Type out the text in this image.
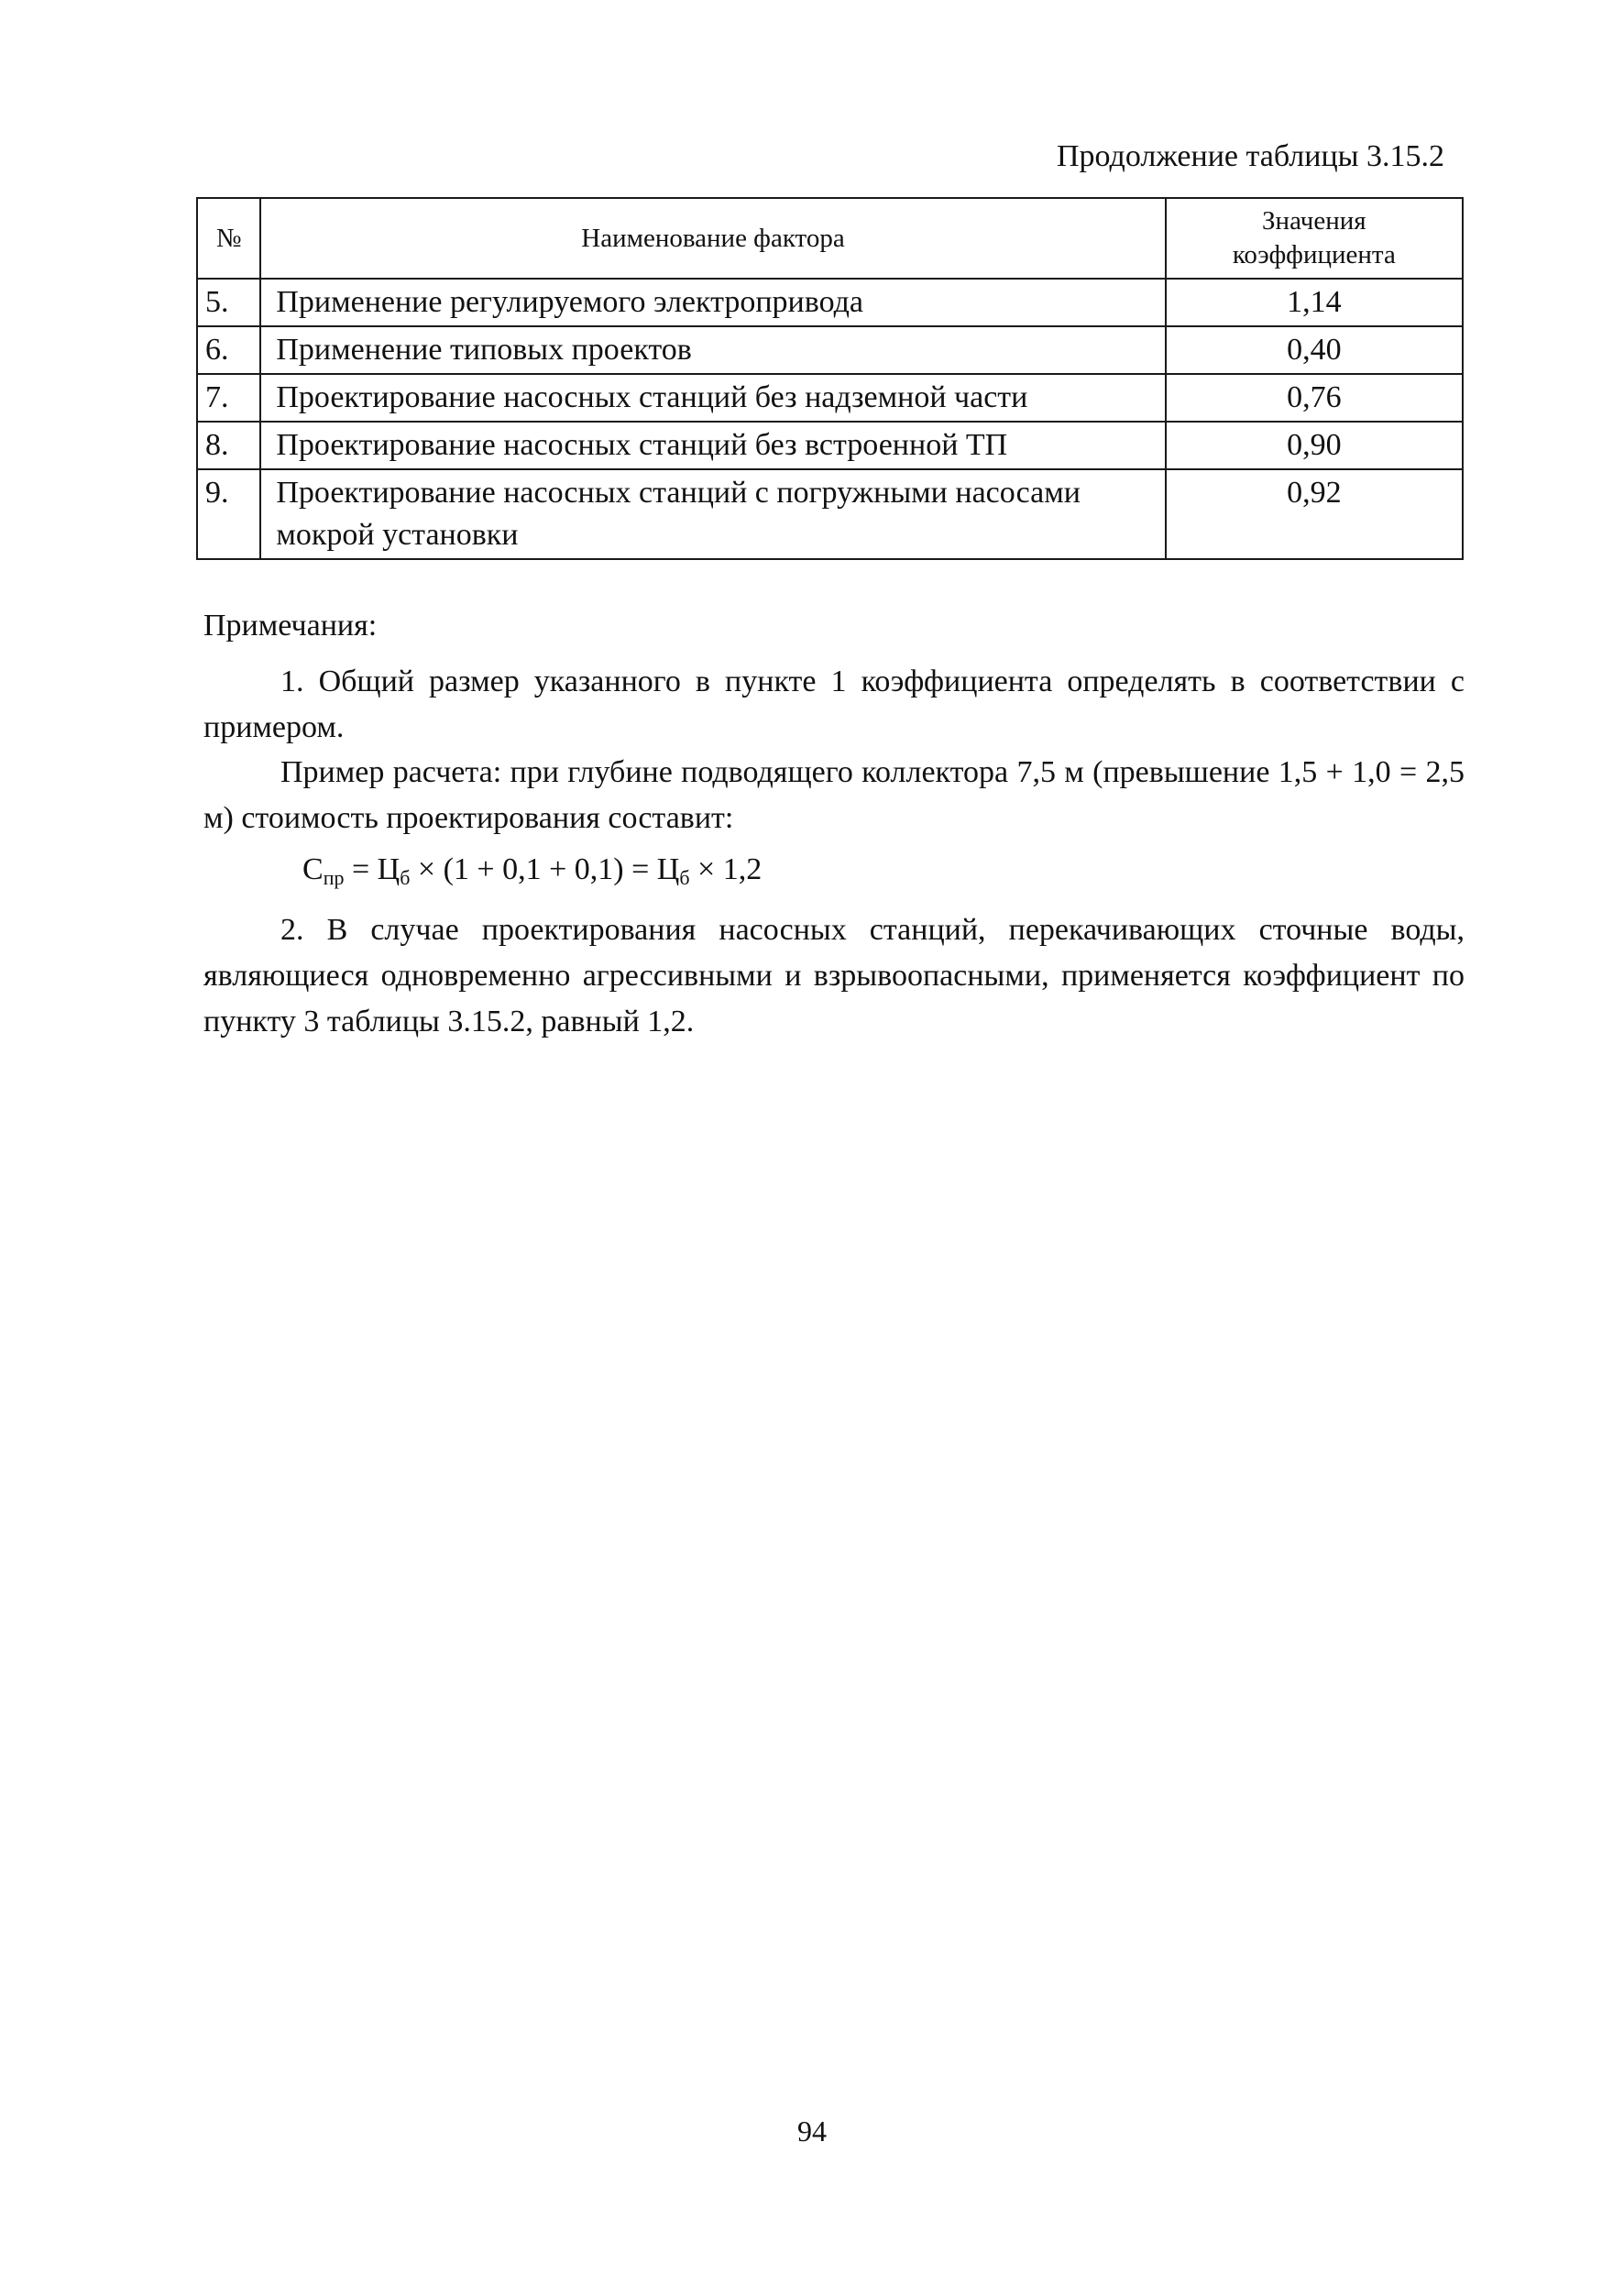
Продолжение таблицы 3.15.2
№	Наименование фактора	Значения
коэффициента
5.	Применение регулируемого электропривода	1,14
6.	Применение типовых проектов	0,40
7.	Проектирование насосных станций без надземной части	0,76
8.	Проектирование насосных станций без встроенной ТП	0,90
9.	Проектирование насосных станций с погружными насосами мокрой установки	0,92
Примечания:

1. Общий размер указанного в пункте 1 коэффициента определять в соответствии с примером.

Пример расчета: при глубине подводящего коллектора 7,5 м (превышение 1,5 + 1,0 = 2,5 м) стоимость проектирования составит:

$С_{пр} = Ц_б \times (1 + 0,1 + 0,1) = Ц_б \times 1,2$

2. В случае проектирования насосных станций, перекачивающих сточные воды, являющиеся одновременно агрессивными и взрывоопасными, применяется коэффициент по пункту 3 таблицы 3.15.2, равный 1,2.

94
